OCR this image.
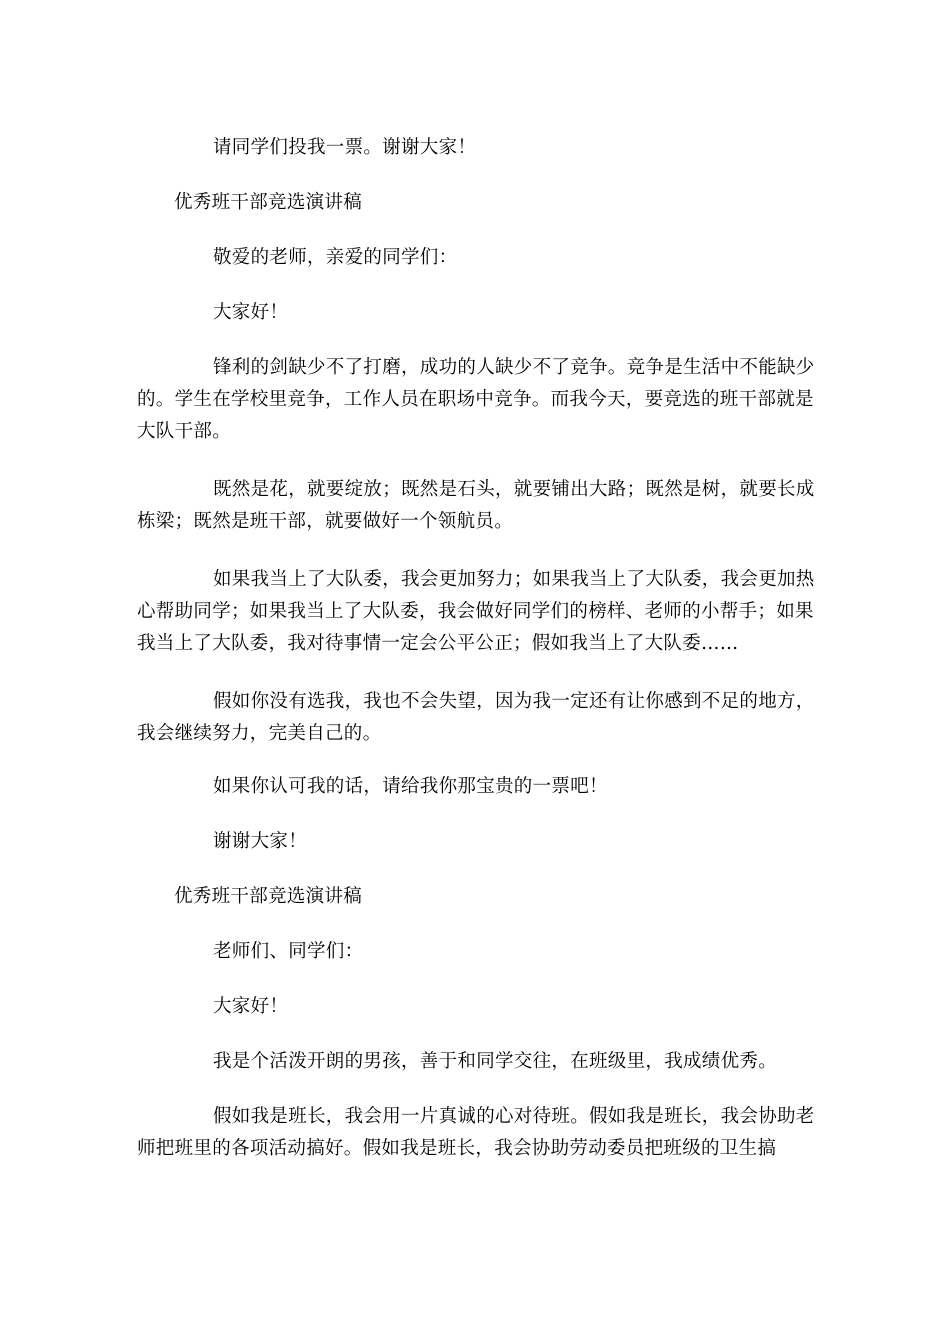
请同学们投我一票。谢谢大家！

优秀班干部竞选演讲稿

敬爱的老师，亲爱的同学们：

大家好！

锋利的剑缺少不了打磨，成功的人缺少不了竞争。竞争是生活中不能缺少的。学生在学校里竞争，工作人员在职场中竞争。而我今天，要竞选的班干部就是大队干部。

既然是花，就要绽放；既然是石头，就要铺出大路；既然是树，就要长成栋梁；既然是班干部，就要做好一个领航员。

如果我当上了大队委，我会更加努力；如果我当上了大队委，我会更加热心帮助同学；如果我当上了大队委，我会做好同学们的榜样、老师的小帮手；如果我当上了大队委，我对待事情一定会公平公正；假如我当上了大队委……

假如你没有选我，我也不会失望，因为我一定还有让你感到不足的地方，我会继续努力，完美自己的。

如果你认可我的话，请给我你那宝贵的一票吧！

谢谢大家！

优秀班干部竞选演讲稿

老师们、同学们：

大家好！

我是个活泼开朗的男孩，善于和同学交往，在班级里，我成绩优秀。

假如我是班长，我会用一片真诚的心对待班。假如我是班长，我会协助老师把班里的各项活动搞好。假如我是班长，我会协助劳动委员把班级的卫生搞
